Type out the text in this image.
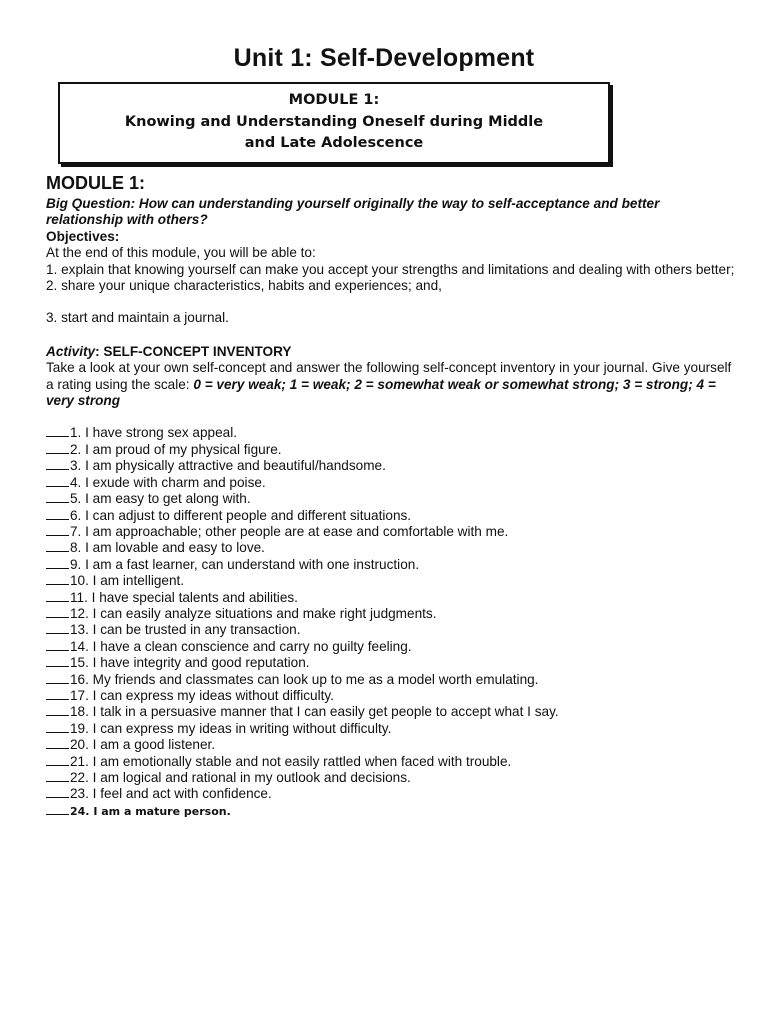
Unit 1: Self-Development
MODULE 1:
Knowing and Understanding Oneself during Middle
and Late Adolescence
MODULE 1:

Big Question: How can understanding yourself originally the way to self-acceptance and better relationship with others?

Objectives:

At the end of this module, you will be able to:

1. explain that knowing yourself can make you accept your strengths and limitations and dealing with others better;

2. share your unique characteristics, habits and experiences; and,

3. start and maintain a journal.

Activity: SELF-CONCEPT INVENTORY

Take a look at your own self-concept and answer the following self-concept inventory in your journal. Give yourself a rating using the scale: 0 = very weak; 1 = weak; 2 = somewhat weak or somewhat strong; 3 = strong; 4 = very strong

1. I have strong sex appeal.

2. I am proud of my physical figure.

3. I am physically attractive and beautiful/handsome.

4. I exude with charm and poise.

5. I am easy to get along with.

6. I can adjust to different people and different situations.

7. I am approachable; other people are at ease and comfortable with me.

8. I am lovable and easy to love.

9. I am a fast learner, can understand with one instruction.

10. I am intelligent.

11. I have special talents and abilities.

12. I can easily analyze situations and make right judgments.

13. I can be trusted in any transaction.

14. I have a clean conscience and carry no guilty feeling.

15. I have integrity and good reputation.

16. My friends and classmates can look up to me as a model worth emulating.

17. I can express my ideas without difficulty.

18. I talk in a persuasive manner that I can easily get people to accept what I say.

19. I can express my ideas in writing without difficulty.

20. I am a good listener.

21. I am emotionally stable and not easily rattled when faced with trouble.

22. I am logical and rational in my outlook and decisions.

23. I feel and act with confidence.

24. I am a mature person.
